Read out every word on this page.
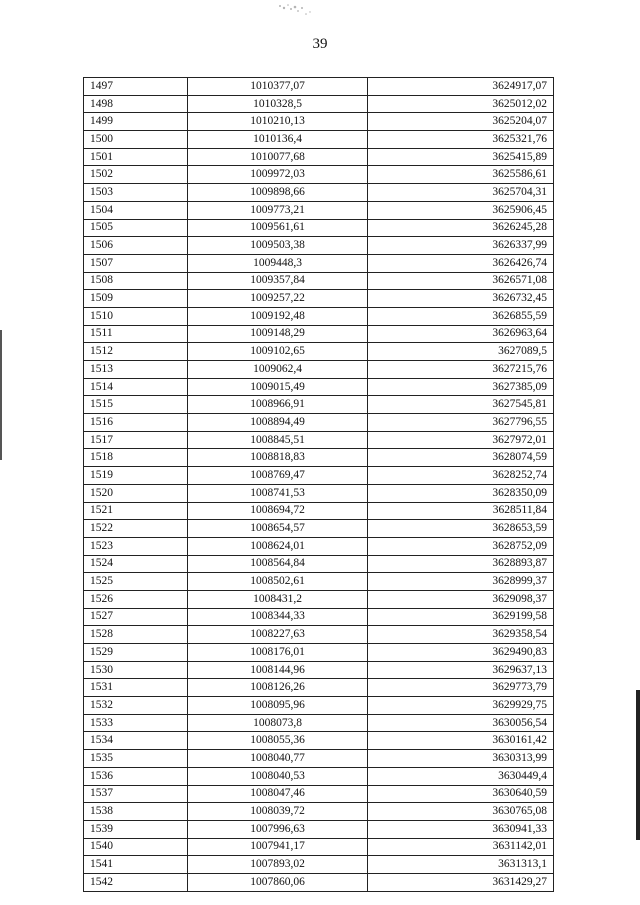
39
1497	1010377,07	3624917,07
1498	1010328,5	3625012,02
1499	1010210,13	3625204,07
1500	1010136,4	3625321,76
1501	1010077,68	3625415,89
1502	1009972,03	3625586,61
1503	1009898,66	3625704,31
1504	1009773,21	3625906,45
1505	1009561,61	3626245,28
1506	1009503,38	3626337,99
1507	1009448,3	3626426,74
1508	1009357,84	3626571,08
1509	1009257,22	3626732,45
1510	1009192,48	3626855,59
1511	1009148,29	3626963,64
1512	1009102,65	3627089,5
1513	1009062,4	3627215,76
1514	1009015,49	3627385,09
1515	1008966,91	3627545,81
1516	1008894,49	3627796,55
1517	1008845,51	3627972,01
1518	1008818,83	3628074,59
1519	1008769,47	3628252,74
1520	1008741,53	3628350,09
1521	1008694,72	3628511,84
1522	1008654,57	3628653,59
1523	1008624,01	3628752,09
1524	1008564,84	3628893,87
1525	1008502,61	3628999,37
1526	1008431,2	3629098,37
1527	1008344,33	3629199,58
1528	1008227,63	3629358,54
1529	1008176,01	3629490,83
1530	1008144,96	3629637,13
1531	1008126,26	3629773,79
1532	1008095,96	3629929,75
1533	1008073,8	3630056,54
1534	1008055,36	3630161,42
1535	1008040,77	3630313,99
1536	1008040,53	3630449,4
1537	1008047,46	3630640,59
1538	1008039,72	3630765,08
1539	1007996,63	3630941,33
1540	1007941,17	3631142,01
1541	1007893,02	3631313,1
1542	1007860,06	3631429,27
